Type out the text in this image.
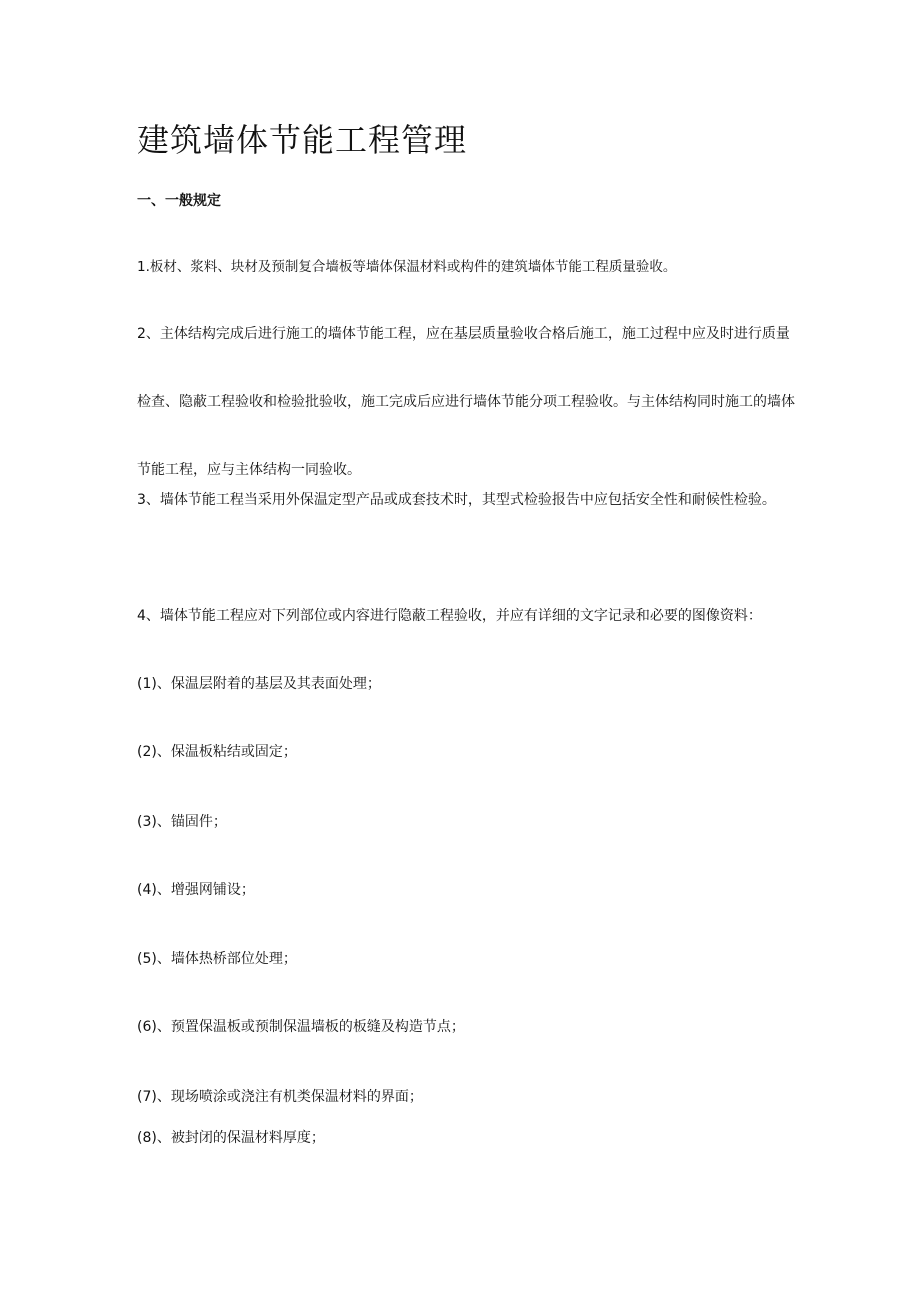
建筑墙体节能工程管理
一、一般规定

1.板材、浆料、块材及预制复合墙板等墙体保温材料或构件的建筑墙体节能工程质量验收。

2、主体结构完成后进行施工的墙体节能工程，应在基层质量验收合格后施工，施工过程中应及时进行质量检查、隐蔽工程验收和检验批验收，施工完成后应进行墙体节能分项工程验收。与主体结构同时施工的墙体节能工程，应与主体结构一同验收。

3、墙体节能工程当采用外保温定型产品或成套技术时，其型式检验报告中应包括安全性和耐候性检验。

4、墙体节能工程应对下列部位或内容进行隐蔽工程验收，并应有详细的文字记录和必要的图像资料：

(1)、保温层附着的基层及其表面处理；

(2)、保温板粘结或固定；

(3)、锚固件；

(4)、增强网铺设；

(5)、墙体热桥部位处理；

(6)、预置保温板或预制保温墙板的板缝及构造节点；

(7)、现场喷涂或浇注有机类保温材料的界面；

(8)、被封闭的保温材料厚度；
